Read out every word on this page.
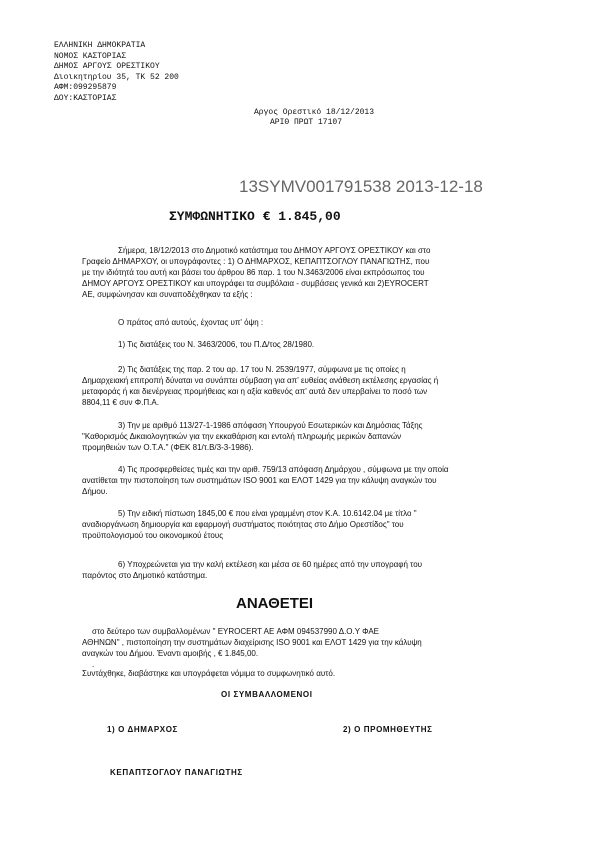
ΕΛΛΗΝΙΚΗ ΔΗΜΟΚΡΑΤΙΑ
ΝΟΜΟΣ ΚΑΣΤΟΡΙΑΣ
ΔΗΜΟΣ ΑΡΓΟΥΣ ΟΡΕΣΤΙΚΟΥ
Διοικητηρίου 35, ΤΚ 52 200
ΑΦΜ:099295879
ΔΟΥ:ΚΑΣΤΟΡΙΑΣ
Αργος Ορεστικό 18/12/2013
ΑΡΙΘ ΠΡΩΤ 17107
13SYMV001791538 2013-12-18
ΣΥΜΦΩΝΗΤΙΚΟ € 1.845,00
Σήμερα, 18/12/2013 στο Δημοτικό κατάστημα του ΔΗΜΟΥ ΑΡΓΟΥΣ ΟΡΕΣΤΙΚΟΥ και στο
Γραφείο ΔΗΜΑΡΧΟΥ, οι υπογράφοντες : 1) Ο ΔΗΜΑΡΧΟΣ, ΚΕΠΑΠΤΣΟΓΛΟΥ ΠΑΝΑΓΙΩΤΗΣ, που
με την ιδιότητά του αυτή και βάσει του άρθρου 86 παρ. 1 του Ν.3463/2006 είναι εκπρόσωπος του
ΔΗΜΟΥ ΑΡΓΟΥΣ ΟΡΕΣΤΙΚΟΥ και υπογράφει τα συμβόλαια - συμβάσεις γενικά και 2)EYROCERT
AE, συμφώνησαν και συναποδέχθηκαν τα εξής :
Ο πράτος από αυτούς, έχοντας υπ' όψη :
1) Τις διατάξεις του Ν. 3463/2006, του Π.Δ/τος 28/1980.
2) Τις διατάξεις της παρ. 2 του αρ. 17 του Ν. 2539/1977, σύμφωνα με τις οποίες η
Δημαρχειακή επιτροπή δύναται να συνάπτει σύμβαση για απ' ευθείας ανάθεση εκτέλεσης εργασίας ή
μεταφοράς ή και διενέργειας προμήθειας και η αξία καθενός απ' αυτά δεν υπερβαίνει το ποσό των
8804,11 € συν Φ.Π.Α.
3) Την με αριθμό 113/27-1-1986 απόφαση Υπουργού Εσωτερικών και Δημόσιας Τάξης
"Καθορισμός Δικαιολογητικών για την εκκαθάριση και εντολή πληρωμής μερικών δαπανών
προμηθειών των Ο.Τ.Α." (ΦΕΚ 81/τ.Β/3-3-1986).
4) Τις προσφερθείσες τιμές και την αριθ. 759/13 απόφαση Δημάρχου , σύμφωνα με την οποία
ανατίθεται την πιστοποίηση των συστημάτων ISO 9001 και ΕΛΟΤ 1429 για την κάλυψη αναγκών του
Δήμου.
5) Την ειδική πίστωση 1845,00 € που είναι γραμμένη στον Κ.Α. 10.6142.04 με τίτλο "
αναδιοργάνωση δημιουργία και εφαρμογή συστήματος ποιότητας στο Δήμο Ορεστίδος" του
προϋπολογισμού του οικονομικού έτους
6) Υποχρεώνεται για την καλή εκτέλεση και μέσα σε 60 ημέρες από την υπογραφή του
παρόντος στο Δημοτικό κατάστημα.
ΑΝΑΘΕΤΕΙ
στο δεύτερο των συμβαλλομένων " EYROCERT AE ΑΦΜ 094537990 Δ.Ο.Υ ΦΑΕ
ΑΘΗΝΩΝ" , πιστοποίηση την συστημάτων διαχείρισης ISO 9001 και ΕΛΟΤ 1429 για την κάλυψη
αναγκών του Δήμου. Έναντι αμοιβής , € 1.845,00.
.
Συντάχθηκε, διαβάστηκε και υπογράφεται νόμιμα το συμφωνητικό αυτό.
ΟΙ ΣΥΜΒΑΛΛΟΜΕΝΟΙ
1) Ο ΔΗΜΑΡΧΟΣ	2) Ο ΠΡΟΜΗΘΕΥΤΗΣ
ΚΕΠΑΠΤΣΟΓΛΟΥ ΠΑΝΑΓΙΩΤΗΣ
